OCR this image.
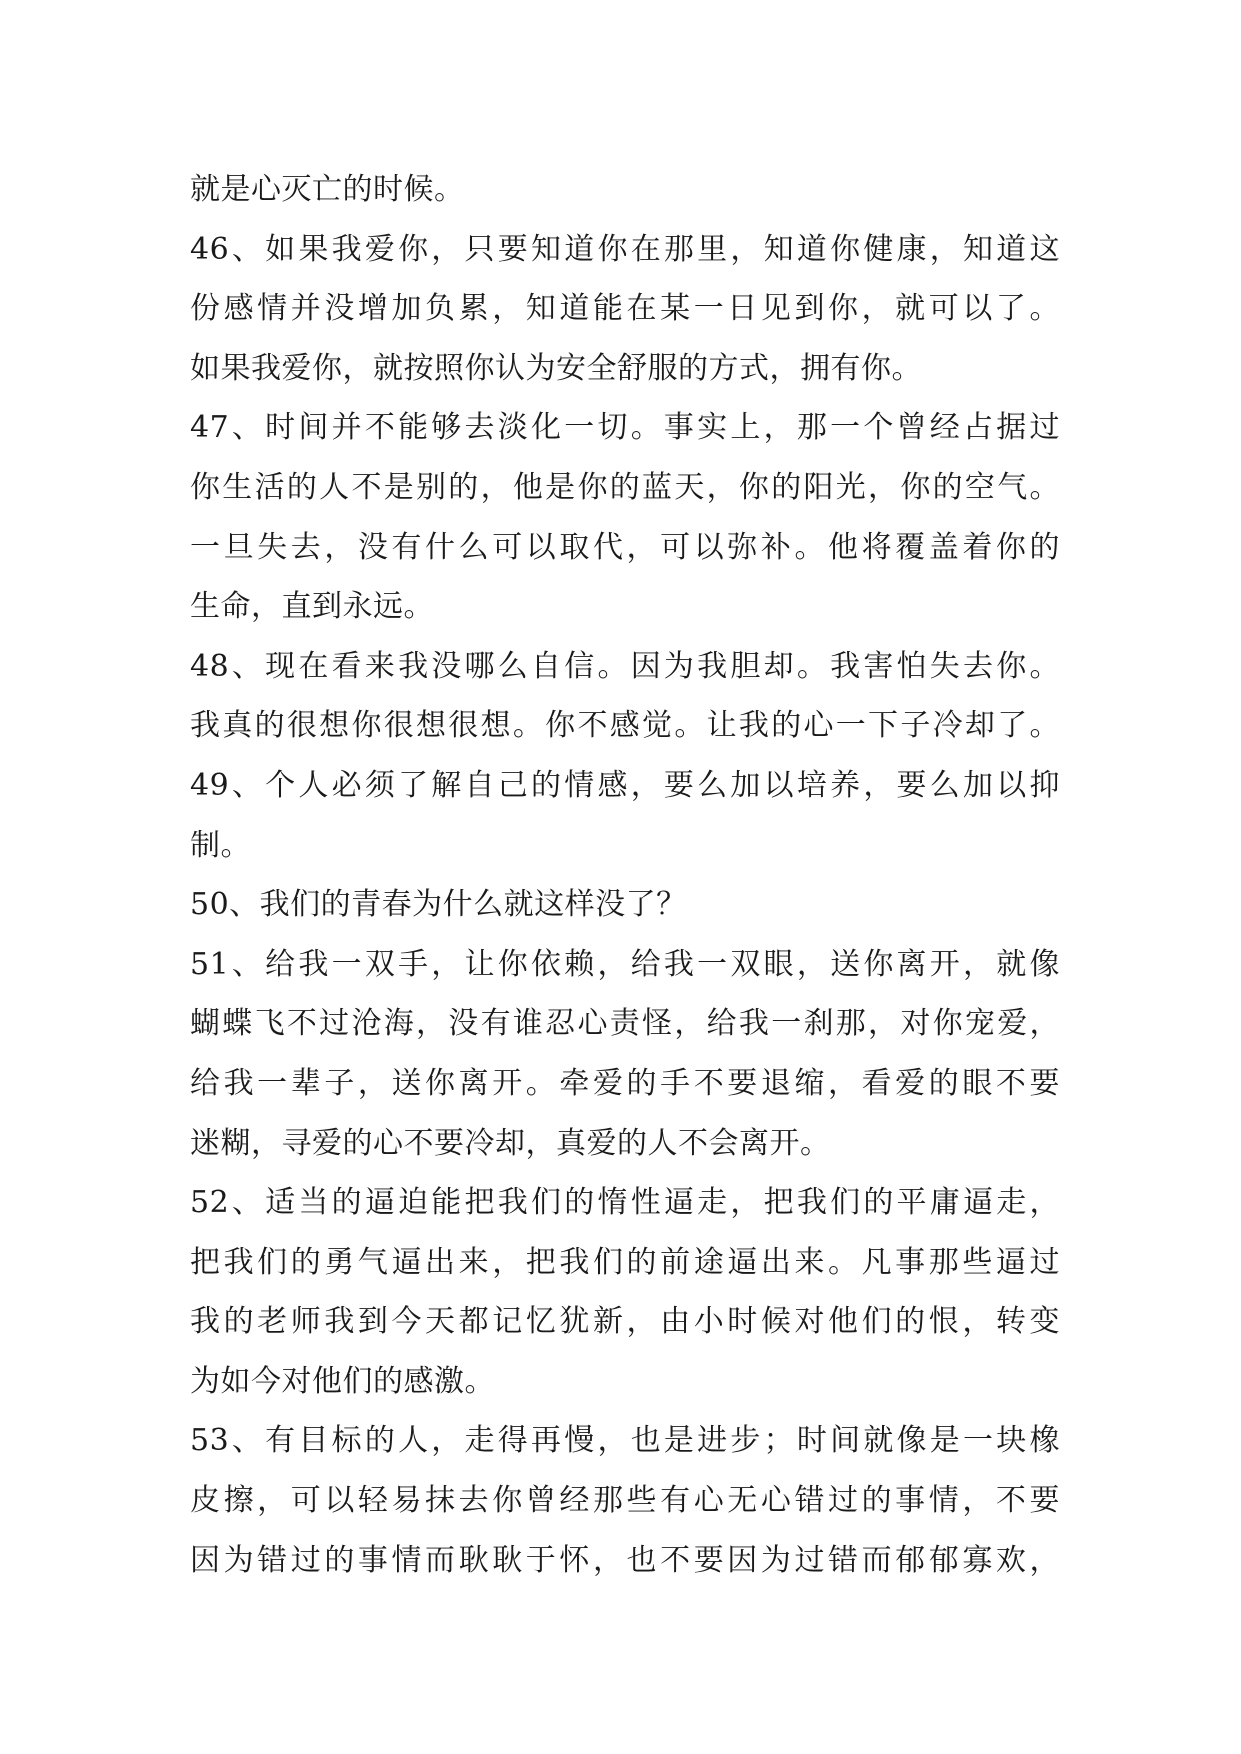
就是心灭亡的时候。
46、如果我爱你，只要知道你在那里，知道你健康，知道这
份感情并没增加负累，知道能在某一日见到你，就可以了。
如果我爱你，就按照你认为安全舒服的方式，拥有你。
47、时间并不能够去淡化一切。事实上，那一个曾经占据过
你生活的人不是别的，他是你的蓝天，你的阳光，你的空气。
一旦失去，没有什么可以取代，可以弥补。他将覆盖着你的
生命，直到永远。
48、现在看来我没哪么自信。因为我胆却。我害怕失去你。
我真的很想你很想很想。你不感觉。让我的心一下子冷却了。
49、个人必须了解自己的情感，要么加以培养，要么加以抑
制。
50、我们的青春为什么就这样没了？
51、给我一双手，让你依赖，给我一双眼，送你离开，就像
蝴蝶飞不过沧海，没有谁忍心责怪，给我一刹那，对你宠爱，
给我一辈子，送你离开。牵爱的手不要退缩，看爱的眼不要
迷糊，寻爱的心不要冷却，真爱的人不会离开。
52、适当的逼迫能把我们的惰性逼走，把我们的平庸逼走，
把我们的勇气逼出来，把我们的前途逼出来。凡事那些逼过
我的老师我到今天都记忆犹新，由小时候对他们的恨，转变
为如今对他们的感激。
53、有目标的人，走得再慢，也是进步；时间就像是一块橡
皮擦，可以轻易抹去你曾经那些有心无心错过的事情，不要
因为错过的事情而耿耿于怀，也不要因为过错而郁郁寡欢，
